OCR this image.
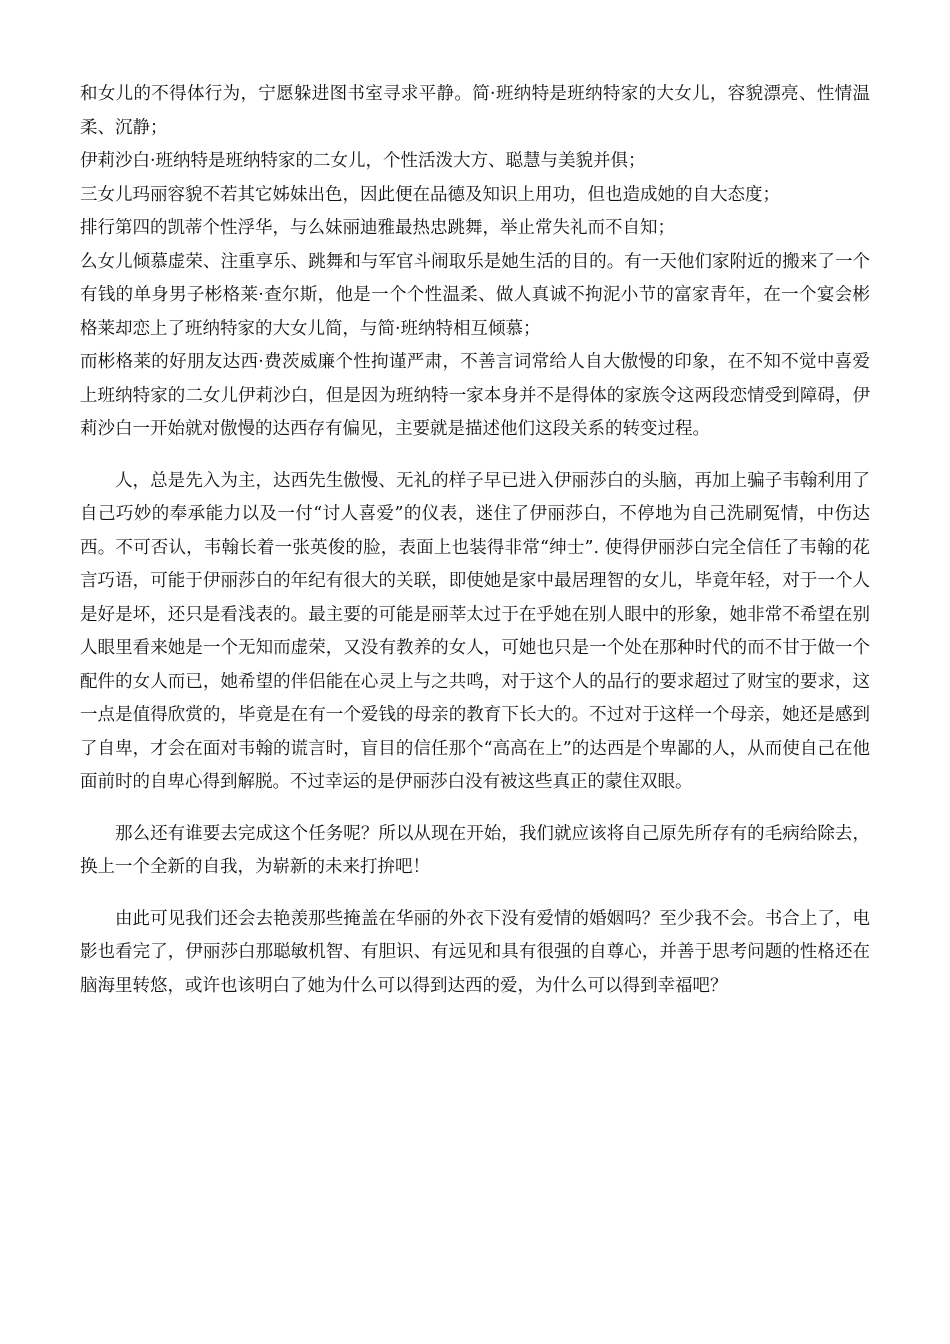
和女儿的不得体行为，宁愿躲进图书室寻求平静。简·班纳特是班纳特家的大女儿，容貌漂亮、性情温柔、沉静；

伊莉沙白·班纳特是班纳特家的二女儿，个性活泼大方、聪慧与美貌并俱；

三女儿玛丽容貌不若其它姊妹出色，因此便在品德及知识上用功，但也造成她的自大态度；

排行第四的凯蒂个性浮华，与么妹丽迪雅最热忠跳舞，举止常失礼而不自知；

么女儿倾慕虚荣、注重享乐、跳舞和与军官斗闹取乐是她生活的目的。有一天他们家附近的搬来了一个有钱的单身男子彬格莱·查尔斯，他是一个个性温柔、做人真诚不拘泥小节的富家青年，在一个宴会彬格莱却恋上了班纳特家的大女儿简，与简·班纳特相互倾慕；

而彬格莱的好朋友达西·费茨威廉个性拘谨严肃，不善言词常给人自大傲慢的印象，在不知不觉中喜爱上班纳特家的二女儿伊莉沙白，但是因为班纳特一家本身并不是得体的家族令这两段恋情受到障碍，伊莉沙白一开始就对傲慢的达西存有偏见，主要就是描述他们这段关系的转变过程。

人，总是先入为主，达西先生傲慢、无礼的样子早已进入伊丽莎白的头脑，再加上骗子韦翰利用了自己巧妙的奉承能力以及一付“讨人喜爱”的仪表，迷住了伊丽莎白，不停地为自己洗刷冤情，中伤达西。不可否认，韦翰长着一张英俊的脸，表面上也装得非常“绅士”. 使得伊丽莎白完全信任了韦翰的花言巧语，可能于伊丽莎白的年纪有很大的关联，即使她是家中最居理智的女儿，毕竟年轻，对于一个人是好是坏，还只是看浅表的。最主要的可能是丽莘太过于在乎她在别人眼中的形象，她非常不希望在别人眼里看来她是一个无知而虚荣，又没有教养的女人，可她也只是一个处在那种时代的而不甘于做一个配件的女人而已，她希望的伴侣能在心灵上与之共鸣，对于这个人的品行的要求超过了财宝的要求，这一点是值得欣赏的，毕竟是在有一个爱钱的母亲的教育下长大的。不过对于这样一个母亲，她还是感到了自卑，才会在面对韦翰的谎言时，盲目的信任那个“高高在上”的达西是个卑鄙的人，从而使自己在他面前时的自卑心得到解脱。不过幸运的是伊丽莎白没有被这些真正的蒙住双眼。

那么还有谁要去完成这个任务呢？所以从现在开始，我们就应该将自己原先所存有的毛病给除去，换上一个全新的自我，为崭新的未来打拚吧！

由此可见我们还会去艳羡那些掩盖在华丽的外衣下没有爱情的婚姻吗？至少我不会。书合上了，电影也看完了，伊丽莎白那聪敏机智、有胆识、有远见和具有很强的自尊心，并善于思考问题的性格还在脑海里转悠，或许也该明白了她为什么可以得到达西的爱，为什么可以得到幸福吧？
